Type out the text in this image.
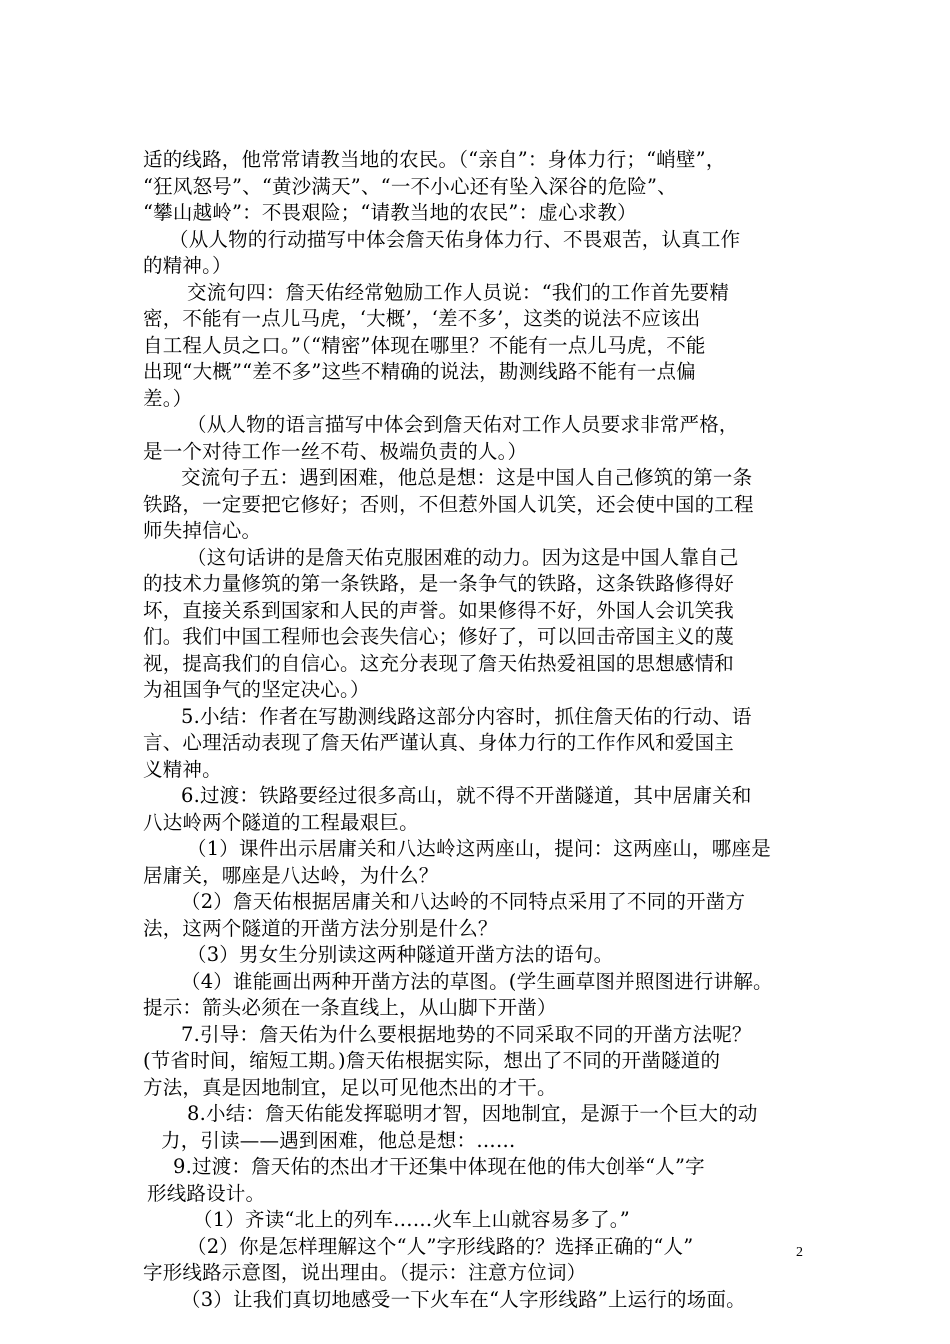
适的线路，他常常请教当地的农民。（“亲自”：身体力行；“峭壁”，
“狂风怒号”、“黄沙满天”、“一不小心还有坠入深谷的危险”、
“攀山越岭”：不畏艰险；“请教当地的农民”：虚心求教）
（从人物的行动描写中体会詹天佑身体力行、不畏艰苦，认真工作
的精神。）
交流句四：詹天佑经常勉励工作人员说：“我们的工作首先要精
密，不能有一点儿马虎，‘大概’，‘差不多’，这类的说法不应该出
自工程人员之口。”（“精密”体现在哪里？不能有一点儿马虎，不能
出现“大概”“差不多”这些不精确的说法，勘测线路不能有一点偏
差。）
（从人物的语言描写中体会到詹天佑对工作人员要求非常严格，
是一个对待工作一丝不苟、极端负责的人。）
交流句子五：遇到困难，他总是想：这是中国人自己修筑的第一条
铁路，一定要把它修好；否则，不但惹外国人讥笑，还会使中国的工程
师失掉信心。
（这句话讲的是詹天佑克服困难的动力。因为这是中国人靠自己
的技术力量修筑的第一条铁路，是一条争气的铁路，这条铁路修得好
坏，直接关系到国家和人民的声誉。如果修得不好，外国人会讥笑我
们。我们中国工程师也会丧失信心；修好了，可以回击帝国主义的蔑
视，提高我们的自信心。这充分表现了詹天佑热爱祖国的思想感情和
为祖国争气的坚定决心。）
5.小结：作者在写勘测线路这部分内容时，抓住詹天佑的行动、语
言、心理活动表现了詹天佑严谨认真、身体力行的工作作风和爱国主
义精神。
6.过渡：铁路要经过很多高山，就不得不开凿隧道，其中居庸关和
八达岭两个隧道的工程最艰巨。
（1）课件出示居庸关和八达岭这两座山，提问：这两座山，哪座是
居庸关，哪座是八达岭，为什么？
（2）詹天佑根据居庸关和八达岭的不同特点采用了不同的开凿方
法，这两个隧道的开凿方法分别是什么？
（3）男女生分别读这两种隧道开凿方法的语句。
（4）谁能画出两种开凿方法的草图。(学生画草图并照图进行讲解。
提示：箭头必须在一条直线上，从山脚下开凿）
7.引导：詹天佑为什么要根据地势的不同采取不同的开凿方法呢？
(节省时间，缩短工期。)詹天佑根据实际，想出了不同的开凿隧道的
方法，真是因地制宜，足以可见他杰出的才干。
8.小结：詹天佑能发挥聪明才智，因地制宜，是源于一个巨大的动
力，引读——遇到困难，他总是想：……
9.过渡：詹天佑的杰出才干还集中体现在他的伟大创举“人”字
形线路设计。
（1）齐读“北上的列车……火车上山就容易多了。”
（2）你是怎样理解这个“人”字形线路的？选择正确的“人”
字形线路示意图，说出理由。（提示：注意方位词）
（3）让我们真切地感受一下火车在“人字形线路”上运行的场面。
2
